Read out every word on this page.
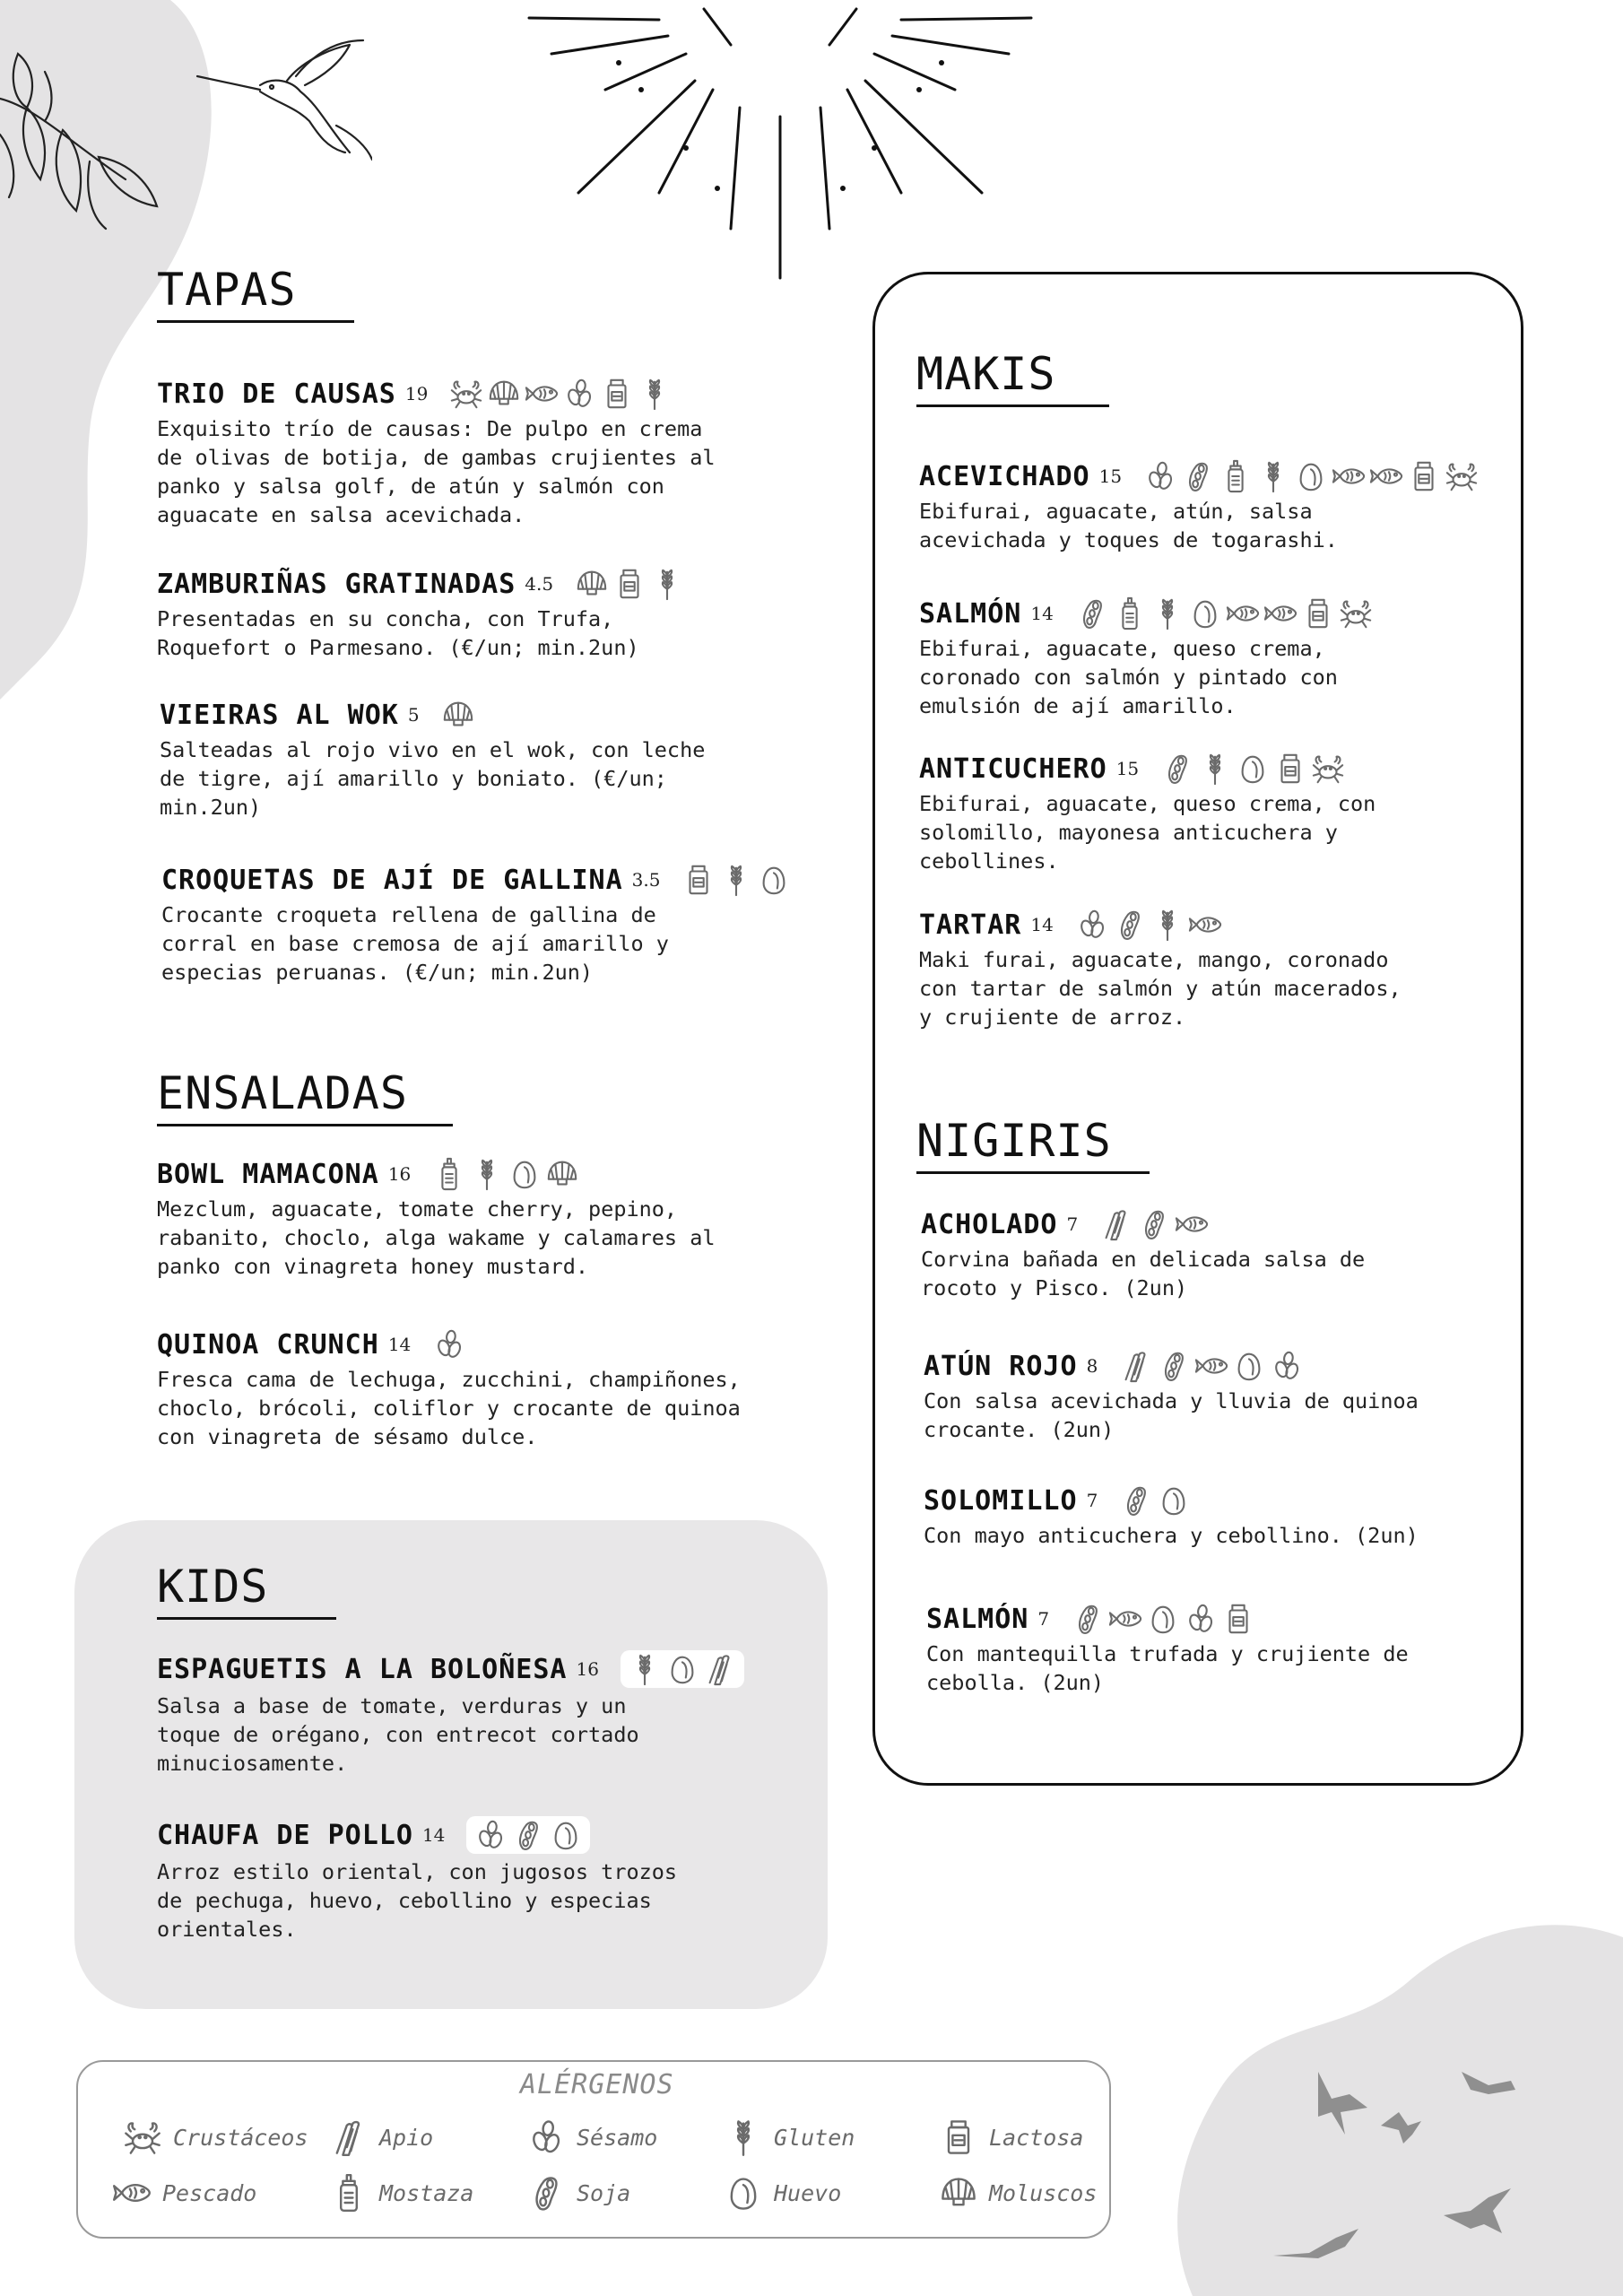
TAPAS
TRIO DE CAUSAS 19
Exquisito trío de causas: De pulpo en crema
de olivas de botija, de gambas crujientes al
panko y salsa golf, de atún y salmón con
aguacate en salsa acevichada.
ZAMBURIÑAS GRATINADAS 4.5
Presentadas en su concha, con Trufa,
Roquefort o Parmesano. (€/un; min.2un)
VIEIRAS AL WOK 5
Salteadas al rojo vivo en el wok, con leche
de tigre, ají amarillo y boniato. (€/un;
min.2un)
CROQUETAS DE AJÍ DE GALLINA 3.5
Crocante croqueta rellena de gallina de
corral en base cremosa de ají amarillo y
especias peruanas. (€/un; min.2un)
ENSALADAS
BOWL MAMACONA 16
Mezclum, aguacate, tomate cherry, pepino,
rabanito, choclo, alga wakame y calamares al
panko con vinagreta honey mustard.
QUINOA CRUNCH 14
Fresca cama de lechuga, zucchini, champiñones,
choclo, brócoli, coliflor y crocante de quinoa
con vinagreta de sésamo dulce.
KIDS
ESPAGUETIS A LA BOLOÑESA 16
Salsa a base de tomate, verduras y un
toque de orégano, con entrecot cortado
minuciosamente.
CHAUFA DE POLLO 14
Arroz estilo oriental, con jugosos trozos
de pechuga, huevo, cebollino y especias
orientales.
MAKIS
ACEVICHADO 15
Ebifurai, aguacate, atún, salsa
acevichada y toques de togarashi.
SALMÓN 14
Ebifurai, aguacate, queso crema,
coronado con salmón y pintado con
emulsión de ají amarillo.
ANTICUCHERO 15
Ebifurai, aguacate, queso crema, con
solomillo, mayonesa anticuchera y
cebollines.
TARTAR 14
Maki furai, aguacate, mango, coronado
con tartar de salmón y atún macerados,
y crujiente de arroz.
NIGIRIS
ACHOLADO 7
Corvina bañada en delicada salsa de
rocoto y Pisco. (2un)
ATÚN ROJO 8
Con salsa acevichada y lluvia de quinoa
crocante. (2un)
SOLOMILLO 7
Con mayo anticuchera y cebollino. (2un)
SALMÓN 7
Con mantequilla trufada y crujiente de
cebolla. (2un)
ALÉRGENOS
Crustáceos	Apio	Sésamo	Gluten	Lactosa
Pescado	Mostaza	Soja	Huevo	Moluscos
